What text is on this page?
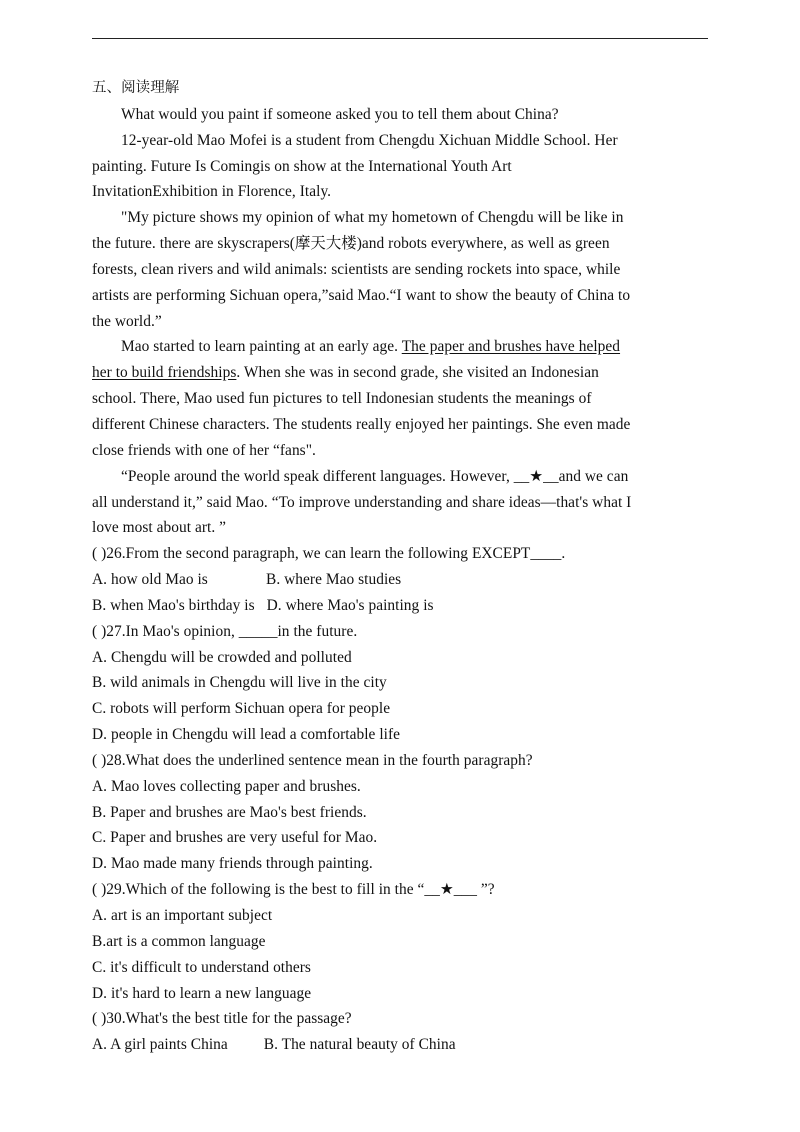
五、阅读理解
What would you paint if someone asked you to tell them about China?
12-year-old Mao Mofei is a student from Chengdu Xichuan Middle School. Her
painting. Future Is Comingis on show at the International Youth Art
InvitationExhibition in Florence, Italy.
"My picture shows my opinion of what my hometown of Chengdu will be like in
the future. there are skyscrapers(摩天大楼)and robots everywhere, as well as green
forests, clean rivers and wild animals: scientists are sending rockets into space, while
artists are performing Sichuan opera,”said Mao.“I want to show the beauty of China to
the world.”
Mao started to learn painting at an early age. The paper and brushes have helped
her to build friendships. When she was in second grade, she visited an Indonesian
school. There, Mao used fun pictures to tell Indonesian students the meanings of
different Chinese characters. The students really enjoyed her paintings. She even made
close friends with one of her “fans".
“People around the world speak different languages. However, __★__and we can
all understand it,” said Mao. “To improve understanding and share ideas—that's what I
love most about art. ”
( )26.From the second paragraph, we can learn the following EXCEPT____.
A. how old Mao is	B. where Mao studies
B. when Mao's birthday is D. where Mao's painting is
( )27.In Mao's opinion, _____in the future.
A. Chengdu will be crowded and polluted
B. wild animals in Chengdu will live in the city
C. robots will perform Sichuan opera for people
D. people in Chengdu will lead a comfortable life
( )28.What does the underlined sentence mean in the fourth paragraph?
A. Mao loves collecting paper and brushes.
B. Paper and brushes are Mao's best friends.
C. Paper and brushes are very useful for Mao.
D. Mao made many friends through painting.
( )29.Which of the following is the best to fill in the “__★___ ”?
A. art is an important subject
B.art is a common language
C. it's difficult to understand others
D. it's hard to learn a new language
( )30.What's the best title for the passage?
A. A girl paints China B. The natural beauty of China
